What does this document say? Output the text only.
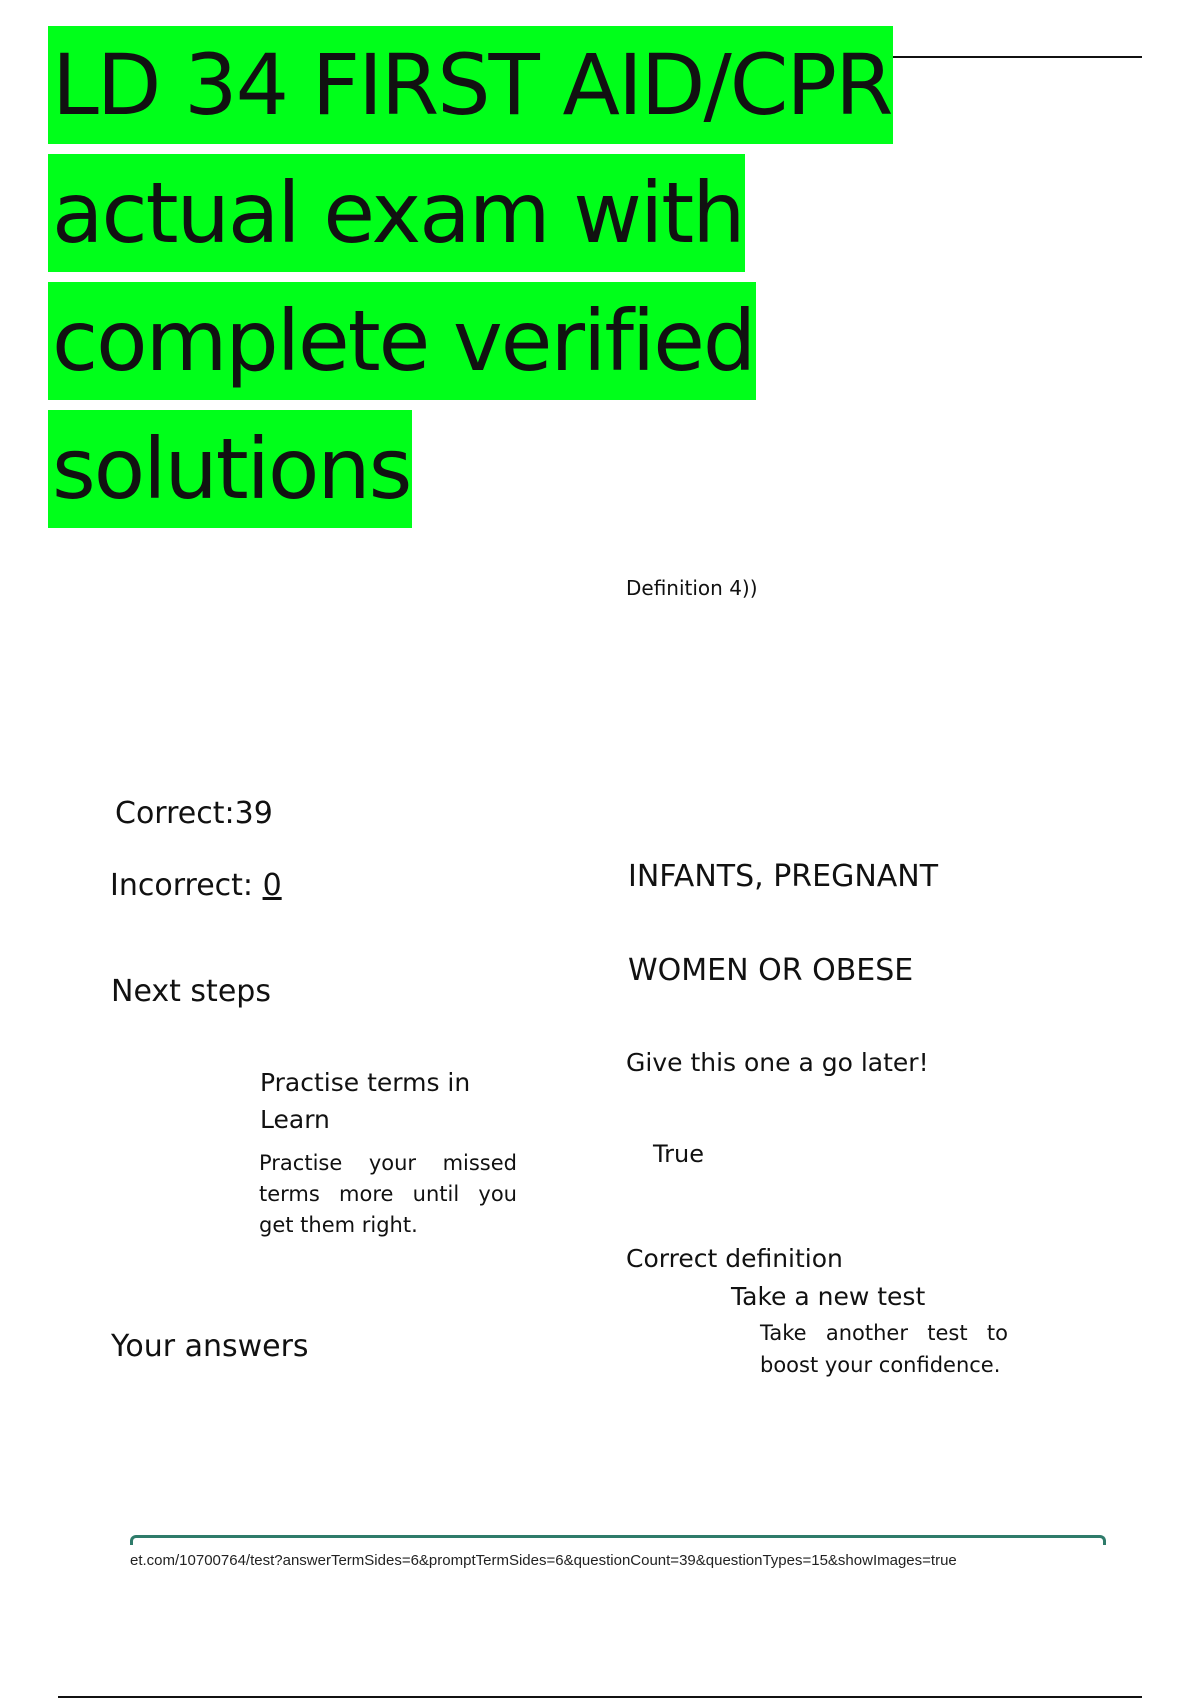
LD 34 FIRST AID/CPR
actual exam with
complete verified
solutions
Definition 4))
Correct:39
Incorrect: 0
Next steps
Practise terms in
Learn
Practise your missed terms more until you get them right.
Your answers
INFANTS, PREGNANT
WOMEN OR OBESE
Give this one a go later!
True
Correct definition
Take a new test
Take another test to boost your confidence.
et.com/10700764/test?answerTermSides=6&promptTermSides=6&questionCount=39&questionTypes=15&showImages=true
